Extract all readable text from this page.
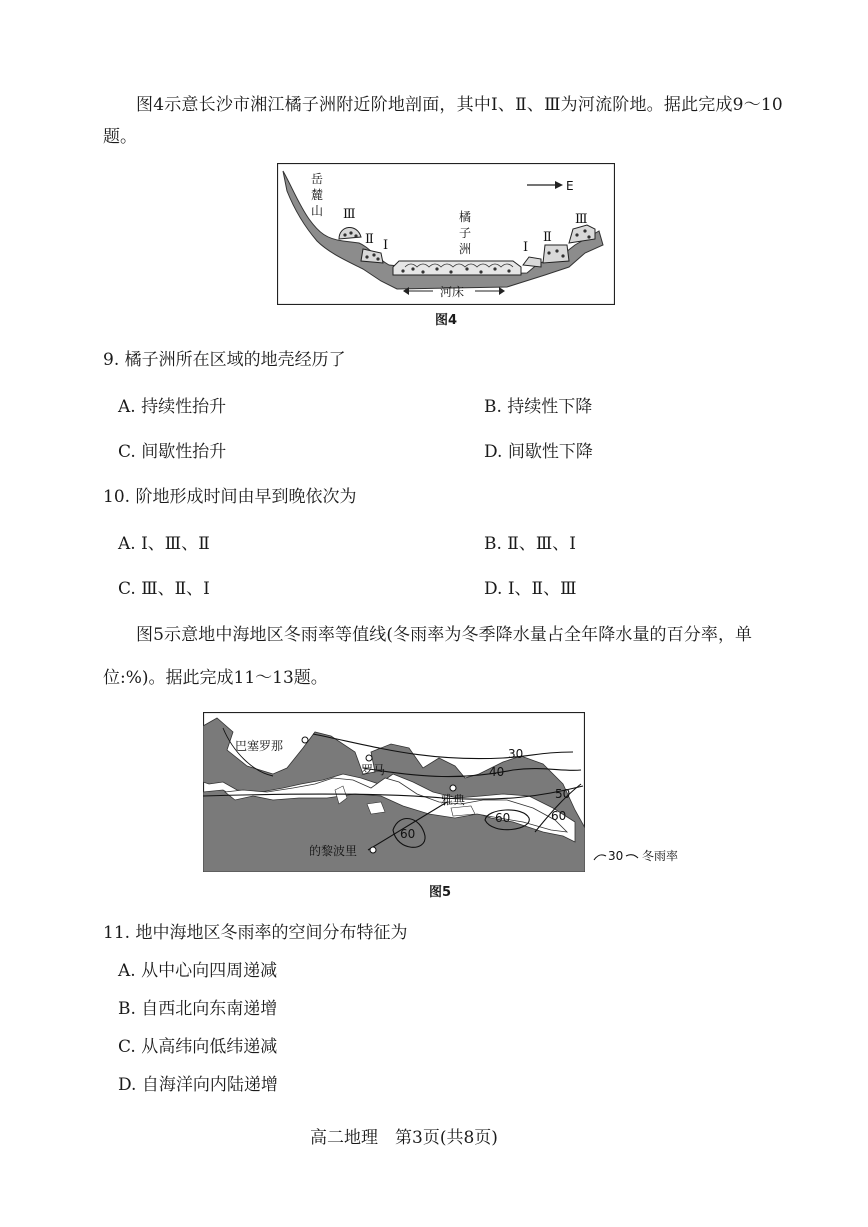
图4示意长沙市湘江橘子洲附近阶地剖面，其中Ⅰ、Ⅱ、Ⅲ为河流阶地。据此完成9～10
题。
岳
麓
山	橘
子
洲
Ⅲ
Ⅱ Ⅰ	Ⅰ
Ⅱ
Ⅲ
E
河床
图4
9. 橘子洲所在区域的地壳经历了
A. 持续性抬升	B. 持续性下降
C. 间歇性抬升	D. 间歇性下降
10. 阶地形成时间由早到晚依次为
A. Ⅰ、Ⅲ、Ⅱ	B. Ⅱ、Ⅲ、Ⅰ
C. Ⅲ、Ⅱ、Ⅰ	D. Ⅰ、Ⅱ、Ⅲ
图5示意地中海地区冬雨率等值线(冬雨率为冬季降水量占全年降水量的百分率，单
位:%)。据此完成11～13题。
30
40
50
60
60
60
巴塞罗那
罗马
雅典
的黎波里	30 冬雨率
图5
11. 地中海地区冬雨率的空间分布特征为
A. 从中心向四周递减
B. 自西北向东南递增
C. 从高纬向低纬递减
D. 自海洋向内陆递增
高二地理　第3页(共8页)
